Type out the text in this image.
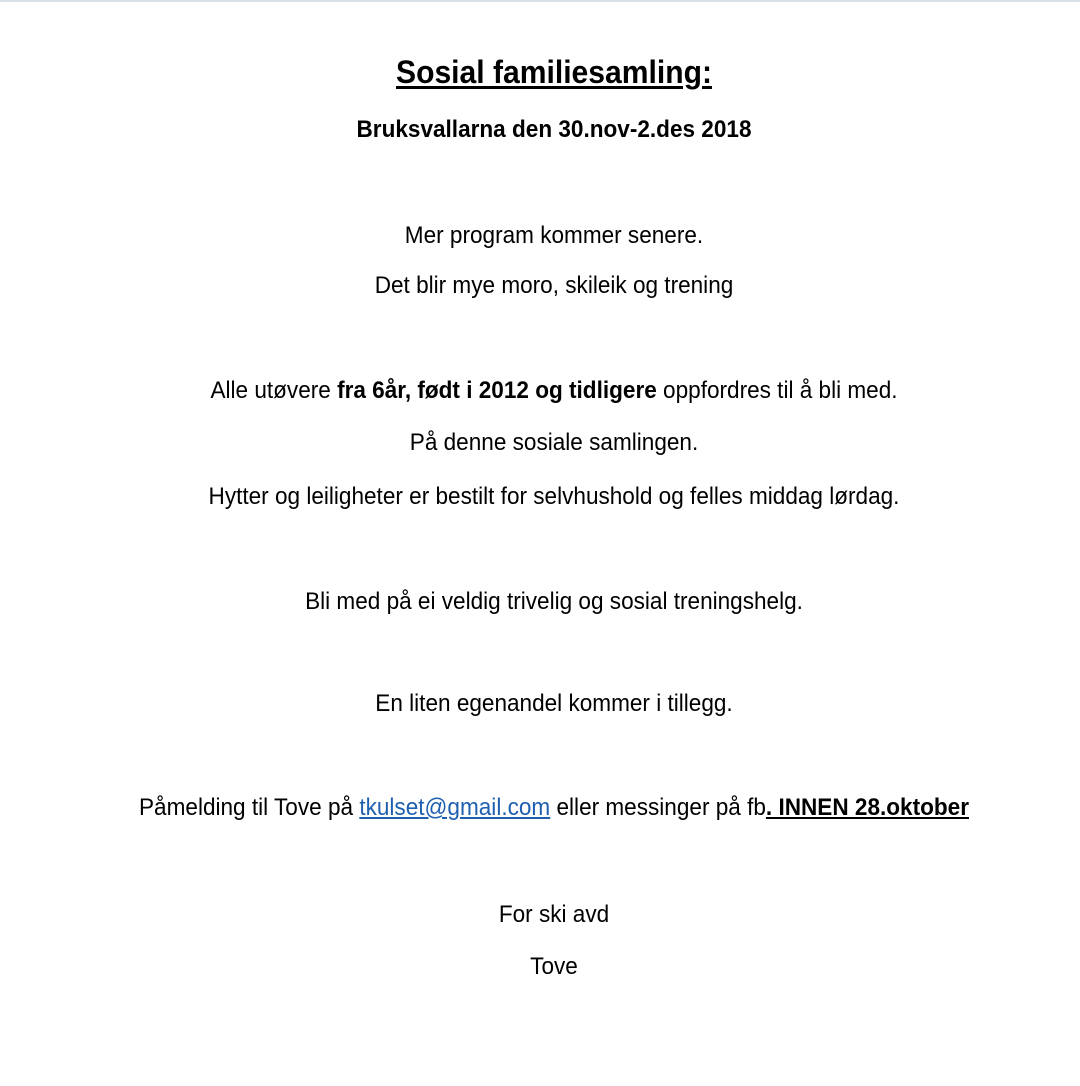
Sosial familiesamling:
Bruksvallarna den 30.nov-2.des 2018
Mer program kommer senere.
Det blir mye moro, skileik og trening
Alle utøvere fra 6år, født i 2012 og tidligere oppfordres til å bli med.
På denne sosiale samlingen.
Hytter og leiligheter er bestilt for selvhushold og felles middag lørdag.
Bli med på ei veldig trivelig og sosial treningshelg.
En liten egenandel kommer i tillegg.
Påmelding til Tove på tkulset@gmail.com eller messinger på fb. INNEN 28.oktober
For ski avd
Tove
